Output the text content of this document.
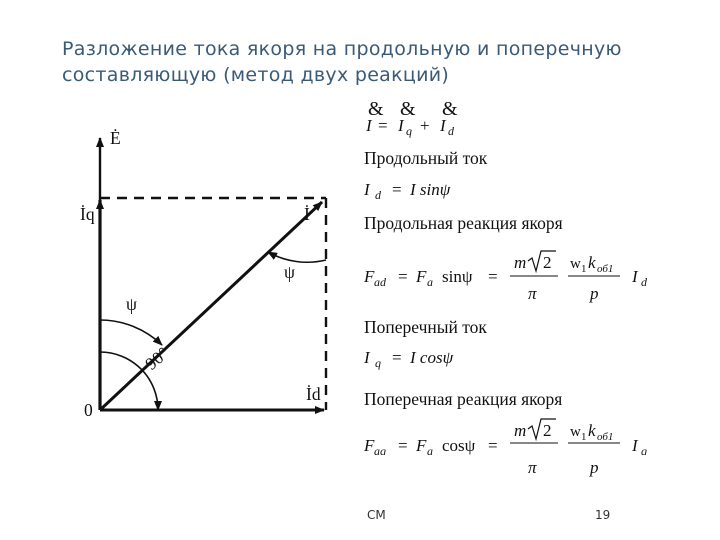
Разложение тока якоря на продольную и поперечную
составляющую (метод двух реакций)
Ė
İq	İ
İd
0
ψ
ψ
90°
& & &
I = I q + I d
Продольный ток
I d = I sinψ
Продольная реакция якоря
F ad = F a sinψ =
m 2
π
w 1 k об1
p
I d
Поперечный ток
I q = I cosψ
Поперечная реакция якоря
F aq = F a cosψ =
m 2 w 1 k об1 I q
π	p
СМ	19
